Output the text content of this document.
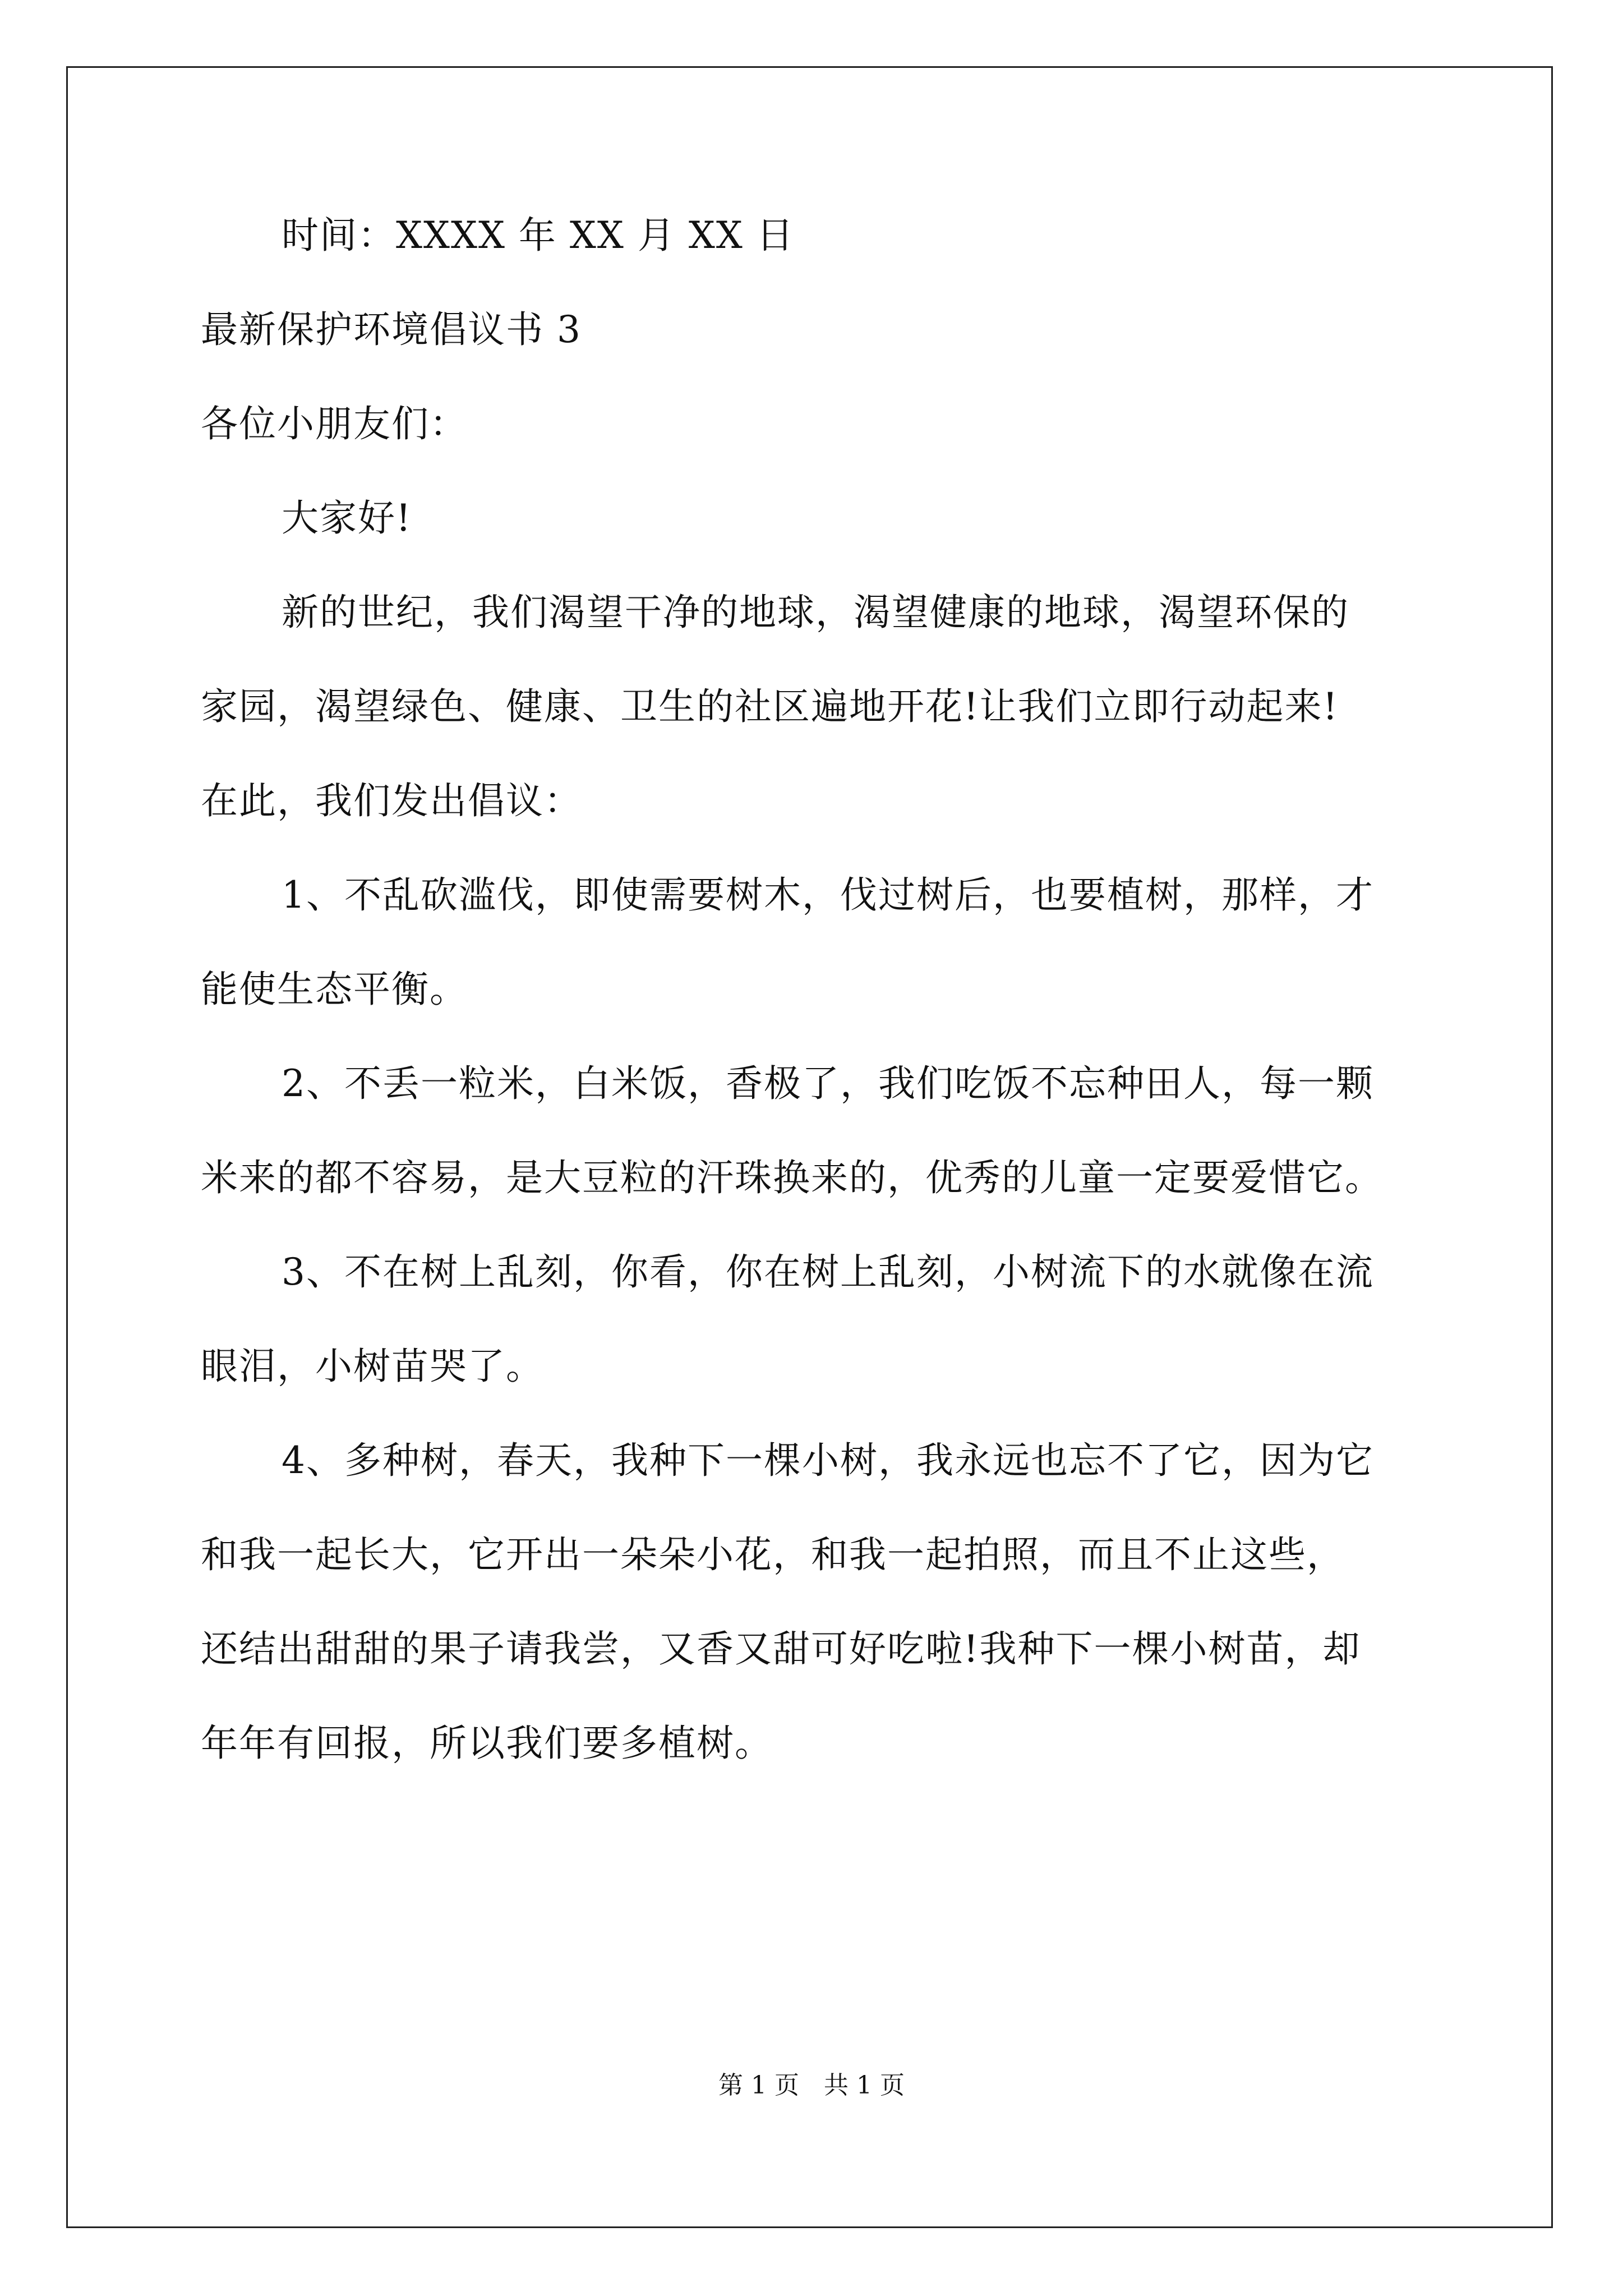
时间：XXXX 年 XX 月 XX 日
最新保护环境倡议书 3
各位小朋友们：
大家好!
新的世纪，我们渴望干净的地球，渴望健康的地球，渴望环保的
家园，渴望绿色、健康、卫生的社区遍地开花!让我们立即行动起来!
在此，我们发出倡议：
1、不乱砍滥伐，即使需要树木，伐过树后，也要植树，那样，才
能使生态平衡。
2、不丢一粒米，白米饭，香极了，我们吃饭不忘种田人，每一颗
米来的都不容易，是大豆粒的汗珠换来的，优秀的儿童一定要爱惜它。
3、不在树上乱刻，你看，你在树上乱刻，小树流下的水就像在流
眼泪，小树苗哭了。
4、多种树，春天，我种下一棵小树，我永远也忘不了它，因为它
和我一起长大，它开出一朵朵小花，和我一起拍照，而且不止这些，
还结出甜甜的果子请我尝，又香又甜可好吃啦!我种下一棵小树苗，却
年年有回报，所以我们要多植树。
第 1 页　共 1 页
